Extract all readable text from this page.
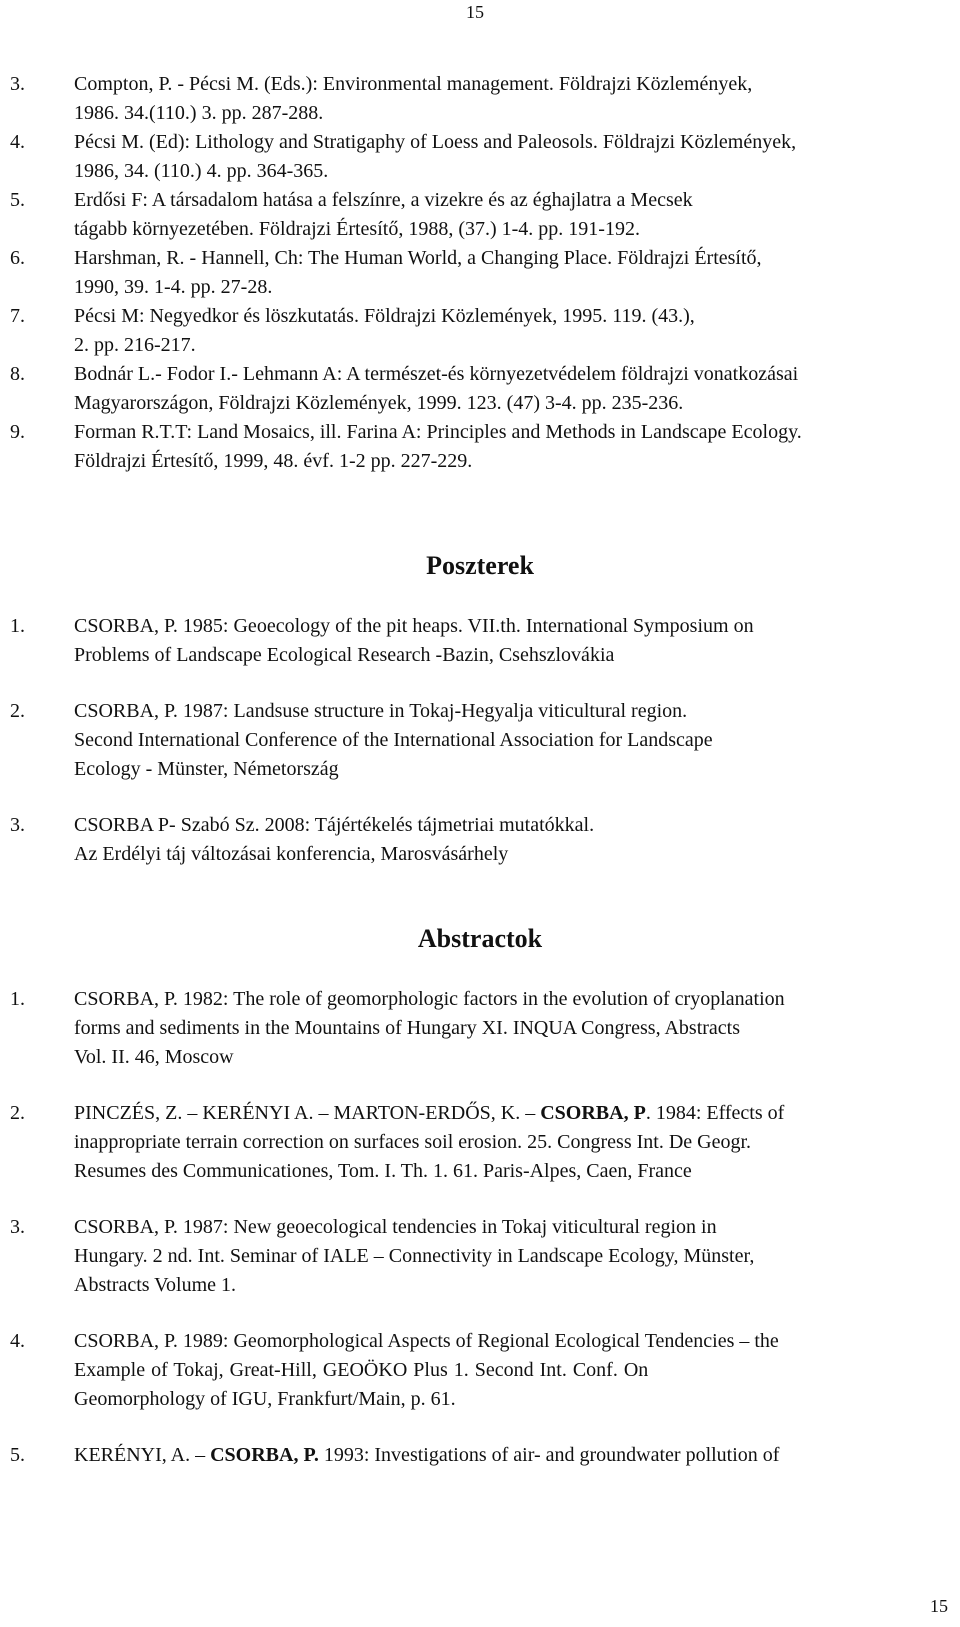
15
3.	Compton, P. - Pécsi M. (Eds.): Environmental management. Földrajzi Közlemények,
1986. 34.(110.) 3. pp. 287-288.
4.	Pécsi M. (Ed): Lithology and Stratigaphy of Loess and Paleosols. Földrajzi Közlemények,
1986, 34. (110.) 4. pp. 364-365.
5.	Erdősi F: A társadalom hatása a felszínre, a vizekre és az éghajlatra a Mecsek
tágabb környezetében. Földrajzi Értesítő, 1988, (37.) 1-4. pp. 191-192.
6.	Harshman, R. - Hannell, Ch: The Human World, a Changing Place. Földrajzi Értesítő,
1990, 39. 1-4. pp. 27-28.
7.	Pécsi M: Negyedkor és löszkutatás. Földrajzi Közlemények, 1995. 119. (43.),
2. pp. 216-217.
8.	Bodnár L.- Fodor I.- Lehmann A: A természet-és környezetvédelem földrajzi vonatkozásai
Magyarországon, Földrajzi Közlemények, 1999. 123. (47) 3-4. pp. 235-236.
9.	Forman R.T.T: Land Mosaics, ill. Farina A: Principles and Methods in Landscape Ecology.
Földrajzi Értesítő, 1999, 48. évf. 1-2 pp. 227-229.
Poszterek
1.	CSORBA, P. 1985: Geoecology of the pit heaps. VII.th. International Symposium on
Problems of Landscape Ecological Research -Bazin, Csehszlovákia
2.	CSORBA, P. 1987: Landsuse structure in Tokaj-Hegyalja viticultural region.
Second International Conference of the International Association for Landscape
Ecology - Münster, Németország
3.	CSORBA P- Szabó Sz. 2008: Tájértékelés tájmetriai mutatókkal.
Az Erdélyi táj változásai konferencia, Marosvásárhely
Abstractok
1.	CSORBA, P. 1982: The role of geomorphologic factors in the evolution of cryoplanation
forms and sediments in the Mountains of Hungary XI. INQUA Congress, Abstracts
Vol. II. 46, Moscow
2.	PINCZÉS, Z. – KERÉNYI A. – MARTON-ERDŐS, K. – CSORBA, P. 1984: Effects of
inappropriate terrain correction on surfaces soil erosion. 25. Congress Int. De Geogr.
Resumes des Communicationes, Tom. I. Th. 1. 61. Paris-Alpes, Caen, France
3.	CSORBA, P. 1987: New geoecological tendencies in Tokaj viticultural region in
Hungary. 2 nd. Int. Seminar of IALE – Connectivity in Landscape Ecology, Münster,
Abstracts Volume 1.
4.	CSORBA, P. 1989: Geomorphological Aspects of Regional Ecological Tendencies – the
Example of Tokaj, Great-Hill, GEOÖKO Plus 1. Second Int. Conf. On
Geomorphology of IGU, Frankfurt/Main, p. 61.
5.	KERÉNYI, A. – CSORBA, P. 1993: Investigations of air- and groundwater pollution of
15
